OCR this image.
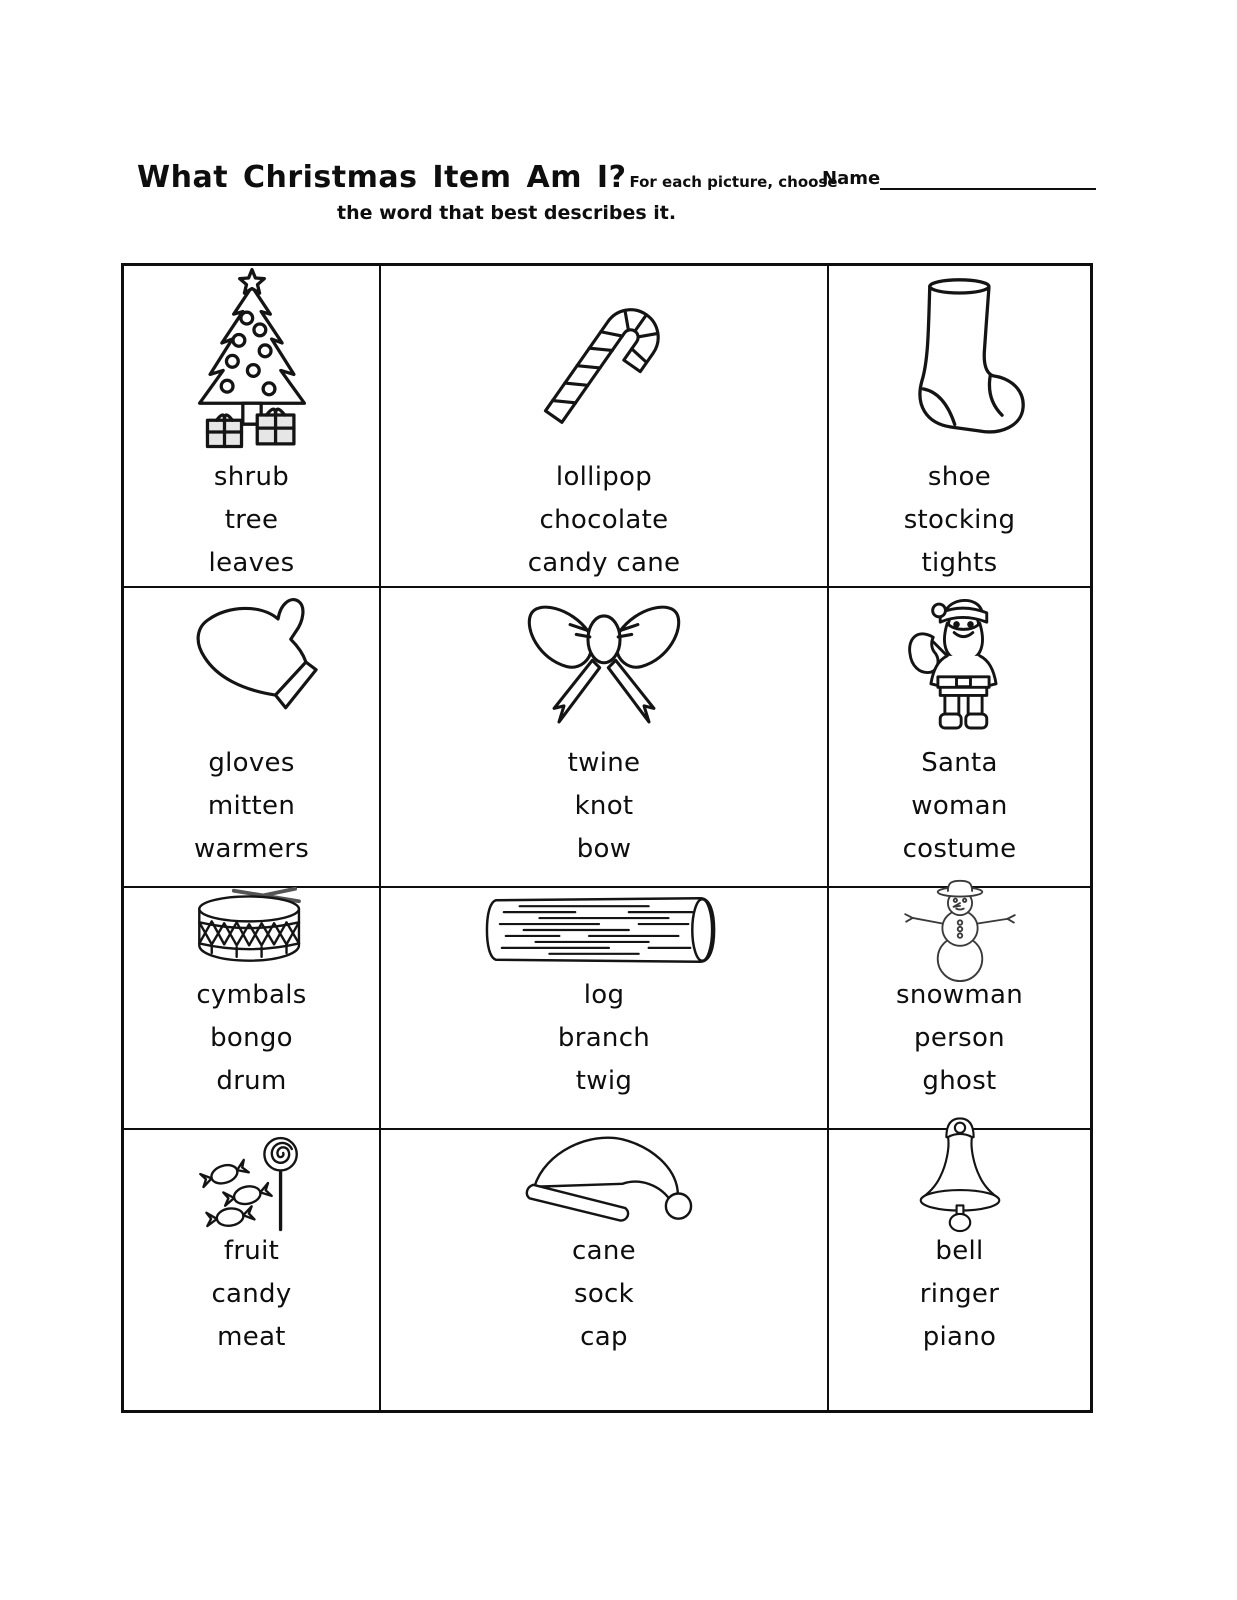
What Christmas Item Am I? For each picture, choose
the word that best describes it.
Name
shrub
tree
leaves
lollipop
chocolate
candy cane
shoe
stocking
tights
gloves
mitten
warmers
twine
knot
bow
Santa
woman
costume
cymbals
bongo
drum
log
branch
twig
snowman
person
ghost
fruit
candy
meat
cane
sock
cap
bell
ringer
piano
